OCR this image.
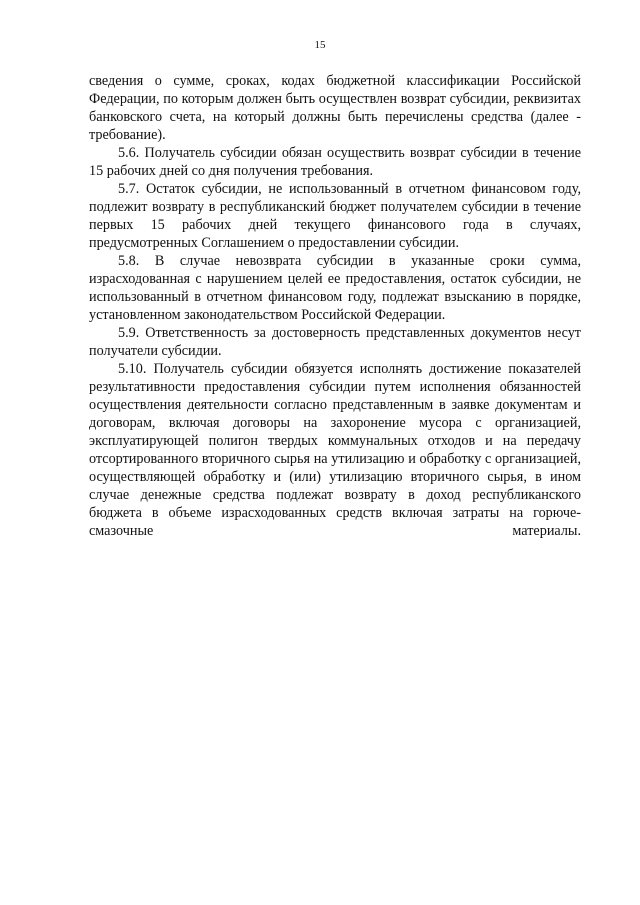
15

сведения о сумме, сроках, кодах бюджетной классификации Российской Федерации, по которым должен быть осуществлен возврат субсидии, реквизитах банковского счета, на который должны быть перечислены средства (далее - требование).

5.6. Получатель субсидии обязан осуществить возврат субсидии в течение 15 рабочих дней со дня получения требования.

5.7. Остаток субсидии, не использованный в отчетном финансовом году, подлежит возврату в республиканский бюджет получателем субсидии в течение первых 15 рабочих дней текущего финансового года в случаях, предусмотренных Соглашением о предоставлении субсидии.

5.8. В случае невозврата субсидии в указанные сроки сумма, израсходованная с нарушением целей ее предоставления, остаток субсидии, не использованный в отчетном финансовом году, подлежат взысканию в порядке, установленном законодательством Российской Федерации.

5.9. Ответственность за достоверность представленных документов несут получатели субсидии.

5.10. Получатель субсидии обязуется исполнять достижение показателей результативности предоставления субсидии путем исполнения обязанностей осуществления деятельности согласно представленным в заявке документам и договорам, включая договоры на захоронение мусора с организацией, эксплуатирующей полигон твердых коммунальных отходов и на передачу отсортированного вторичного сырья на утилизацию и обработку с организацией, осуществляющей обработку и (или) утилизацию вторичного сырья, в ином случае денежные средства подлежат возврату в доход республиканского бюджета в объеме израсходованных средств включая затраты на горюче-смазочные материалы.
